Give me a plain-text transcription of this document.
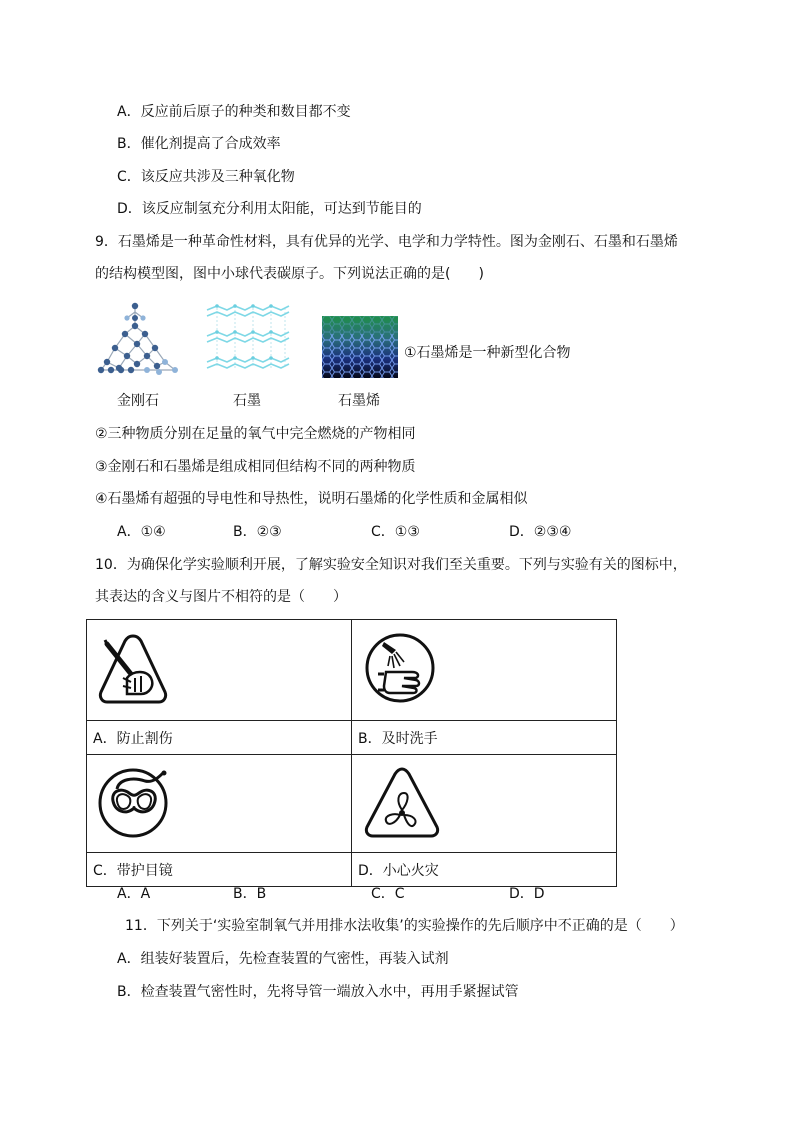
A．反应前后原子的种类和数目都不变
B．催化剂提高了合成效率
C．该反应共涉及三种氧化物
D．该反应制氢充分利用太阳能，可达到节能目的
9．石墨烯是一种革命性材料，具有优异的光学、电学和力学特性。图为金刚石、石墨和石墨烯
的结构模型图，图中小球代表碳原子。下列说法正确的是(　　)
金刚石	石墨
①石墨烯是一种新型化合物
石墨烯
②三种物质分别在足量的氧气中完全燃烧的产物相同
③金刚石和石墨烯是组成相同但结构不同的两种物质
④石墨烯有超强的导电性和导热性，说明石墨烯的化学性质和金属相似
A．①④	B．②③	C．①③	D．②③④
10．为确保化学实验顺利开展，了解实验安全知识对我们至关重要。下列与实验有关的图标中，
其表达的含义与图片不相符的是（　　）

A．防止割伤	B．及时洗手

C．带护目镜	D．小心火灾
A．A	B．B	C．C	D．D
11．下列关于‘实验室制氧气并用排水法收集’的实验操作的先后顺序中不正确的是（　　）
A．组装好装置后，先检查装置的气密性，再装入试剂
B．检查装置气密性时，先将导管一端放入水中，再用手紧握试管
